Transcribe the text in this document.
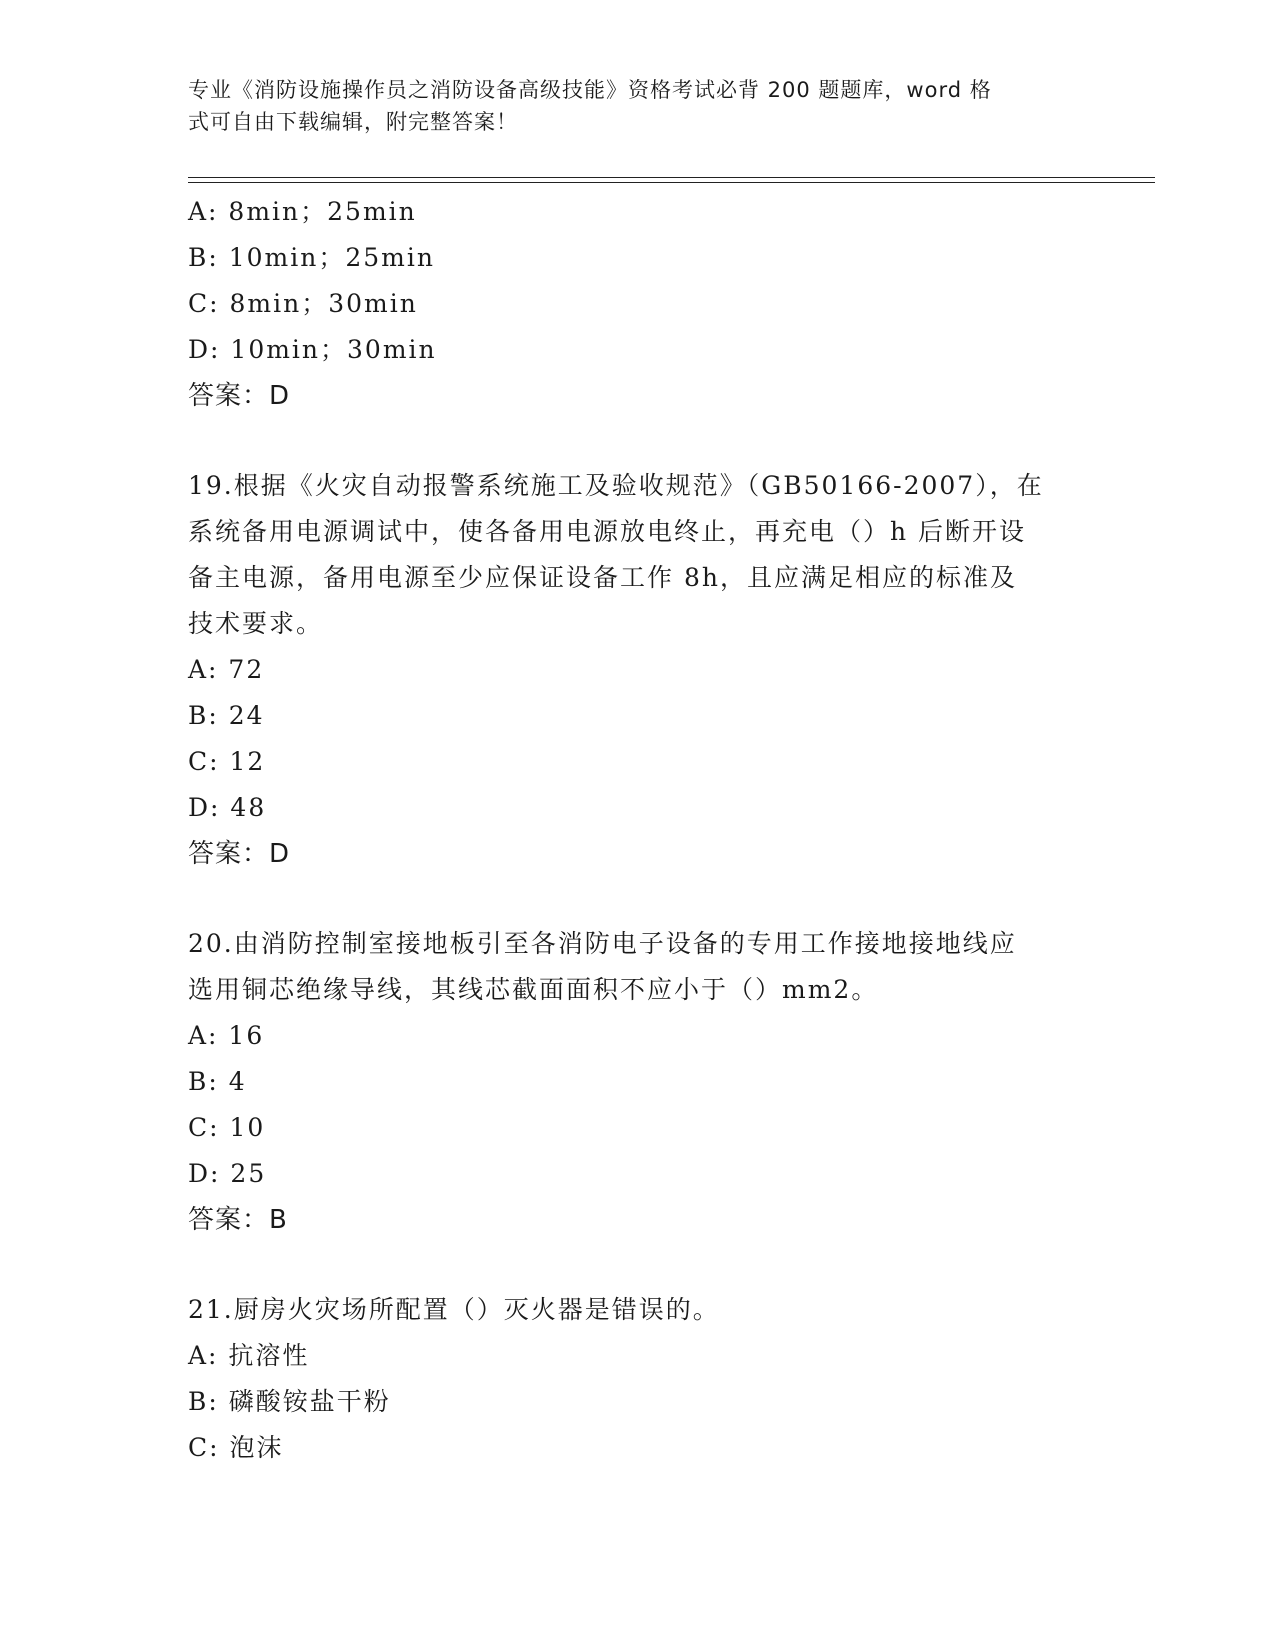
专业《消防设施操作员之消防设备高级技能》资格考试必背 200 题题库，word 格
式可自由下载编辑，附完整答案！
A: 8min；25min
B: 10min；25min
C: 8min；30min
D: 10min；30min
答案：D
19.根据《火灾自动报警系统施工及验收规范》（GB50166-2007），在
系统备用电源调试中，使各备用电源放电终止，再充电（）h 后断开设
备主电源，备用电源至少应保证设备工作 8h，且应满足相应的标准及
技术要求。
A: 72
B: 24
C: 12
D: 48
答案：D
20.由消防控制室接地板引至各消防电子设备的专用工作接地接地线应
选用铜芯绝缘导线，其线芯截面面积不应小于（）mm2。
A: 16
B: 4
C: 10
D: 25
答案：B
21.厨房火灾场所配置（）灭火器是错误的。
A: 抗溶性
B: 磷酸铵盐干粉
C: 泡沫
